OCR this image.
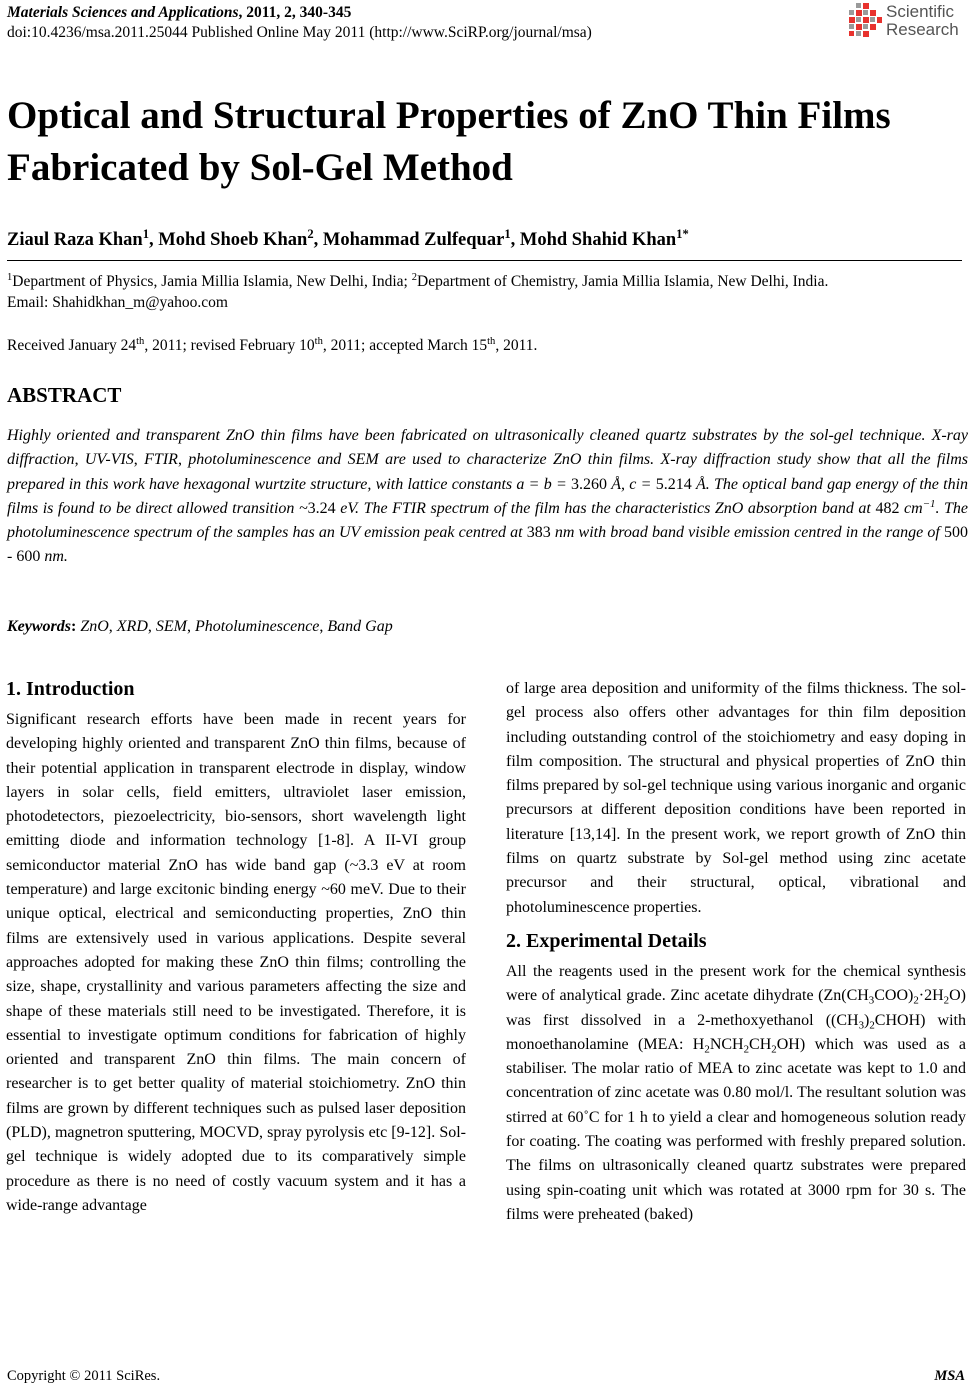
Materials Sciences and Applications, 2011, 2, 340-345
doi:10.4236/msa.2011.25044 Published Online May 2011 (http://www.SciRP.org/journal/msa)
Scientific
Research
Optical and Structural Properties of ZnO Thin Films Fabricated by Sol-Gel Method
Ziaul Raza Khan$^1$, Mohd Shoeb Khan$^2$, Mohammad Zulfequar$^1$, Mohd Shahid Khan$^{1*}$
$^1$Department of Physics, Jamia Millia Islamia, New Delhi, India; $^2$Department of Chemistry, Jamia Millia Islamia, New Delhi, India.
Email: Shahidkhan_m@yahoo.com
Received January 24th, 2011; revised February 10th, 2011; accepted March 15th, 2011.
ABSTRACT
Highly oriented and transparent ZnO thin films have been fabricated on ultrasonically cleaned quartz substrates by the sol-gel technique. X-ray diffraction, UV-VIS, FTIR, photoluminescence and SEM are used to characterize ZnO thin films. X-ray diffraction study show that all the films prepared in this work have hexagonal wurtzite structure, with lattice constants a = b = 3.260 Å, c = 5.214 Å. The optical band gap energy of the thin films is found to be direct allowed transition ~3.24 eV. The FTIR spectrum of the film has the characteristics ZnO absorption band at 482 $cm^{-1}$. The photoluminescence spectrum of the samples has an UV emission peak centred at 383 nm with broad band visible emission centred in the range of 500 - 600 nm.
Keywords: ZnO, XRD, SEM, Photoluminescence, Band Gap
1. Introduction

Significant research efforts have been made in recent years for developing highly oriented and transparent ZnO thin films, because of their potential application in transparent electrode in display, window layers in solar cells, field emitters, ultraviolet laser emission, photodetectors, piezoelectricity, bio-sensors, short wavelength light emitting diode and information technology [1-8]. A II-VI group semiconductor material ZnO has wide band gap (~3.3 eV at room temperature) and large excitonic binding energy ~60 meV. Due to their unique optical, electrical and semiconducting properties, ZnO thin films are extensively used in various applications. Despite several approaches adopted for making these ZnO thin films; controlling the size, shape, crystallinity and various parameters affecting the size and shape of these materials still need to be investigated. Therefore, it is essential to investigate optimum conditions for fabrication of highly oriented and transparent ZnO thin films. The main concern of researcher is to get better quality of material stoichiometry. ZnO thin films are grown by different techniques such as pulsed laser deposition (PLD), magnetron sputtering, MOCVD, spray pyrolysis etc [9-12]. Sol-gel technique is widely adopted due to its comparatively simple procedure as there is no need of costly vacuum system and it has a wide-range advantage

of large area deposition and uniformity of the films thickness. The sol-gel process also offers other advantages for thin film deposition including outstanding control of the stoichiometry and easy doping in film composition. The structural and physical properties of ZnO thin films prepared by sol-gel technique using various inorganic and organic precursors at different deposition conditions have been reported in literature [13,14]. In the present work, we report growth of ZnO thin films on quartz substrate by Sol-gel method using zinc acetate precursor and their structural, optical, vibrational and photoluminescence properties.

2. Experimental Details

All the reagents used in the present work for the chemical synthesis were of analytical grade. Zinc acetate dihydrate $(Zn(CH_3COO)_2\cdot 2H_2O)$ was first dissolved in a 2-methoxyethanol $((CH_3)_2CHOH)$ with monoethanolamine (MEA: $H_2NCH_2CH_2OH$) which was used as a stabiliser. The molar ratio of MEA to zinc acetate was kept to 1.0 and concentration of zinc acetate was 0.80 mol/l. The resultant solution was stirred at 60˚C for 1 h to yield a clear and homogeneous solution ready for coating. The coating was performed with freshly prepared solution. The films on ultrasonically cleaned quartz substrates were prepared using spin-coating unit which was rotated at 3000 rpm for 30 s. The films were preheated (baked)

Copyright © 2011 SciRes.	MSA
